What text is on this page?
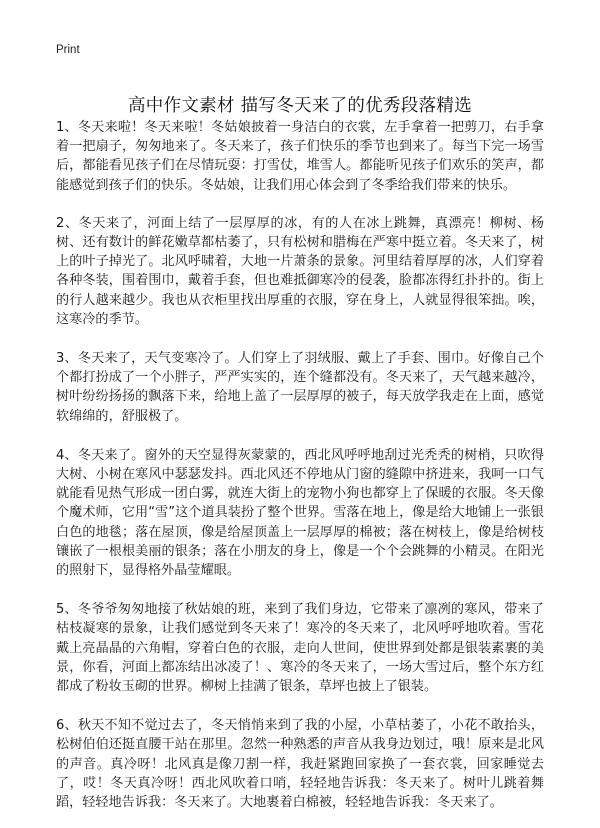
Print
高中作文素材 描写冬天来了的优秀段落精选

1、冬天来啦！冬天来啦！冬姑娘披着一身洁白的衣裳，左手拿着一把剪刀，右手拿着一把扇子，匆匆地来了。冬天来了，孩子们快乐的季节也到来了。每当下完一场雪后，都能看见孩子们在尽情玩耍：打雪仗，堆雪人。都能听见孩子们欢乐的笑声，都能感觉到孩子们的快乐。冬姑娘，让我们用心体会到了冬季给我们带来的快乐。

2、冬天来了，河面上结了一层厚厚的冰，有的人在冰上跳舞，真漂亮！柳树、杨树、还有数计的鲜花嫩草都枯萎了，只有松树和腊梅在严寒中挺立着。冬天来了，树上的叶子掉光了。北风呼啸着，大地一片萧条的景象。河里结着厚厚的冰，人们穿着各种冬装，围着围巾，戴着手套，但也难抵御寒冷的侵袭，脸都冻得红扑扑的。街上的行人越来越少。我也从衣柜里找出厚重的衣服，穿在身上，人就显得很笨拙。唉，这寒冷的季节。

3、冬天来了，天气变寒冷了。人们穿上了羽绒服、戴上了手套、围巾。好像自己个个都打扮成了一个小胖子，严严实实的，连个缝都没有。冬天来了，天气越来越冷，树叶纷纷扬扬的飘落下来，给地上盖了一层厚厚的被子，每天放学我走在上面，感觉软绵绵的，舒服极了。

4、冬天来了。窗外的天空显得灰蒙蒙的，西北风呼呼地刮过光秃秃的树梢，只吹得大树、小树在寒风中瑟瑟发抖。西北风还不停地从门窗的缝隙中挤进来，我呵一口气就能看见热气形成一团白雾，就连大街上的宠物小狗也都穿上了保暖的衣服。冬天像个魔术师，它用“雪”这个道具装扮了整个世界。雪落在地上，像是给大地铺上一张银白色的地毯；落在屋顶，像是给屋顶盖上一层厚厚的棉被；落在树枝上，像是给树枝镶嵌了一根根美丽的银条；落在小朋友的身上，像是一个个会跳舞的小精灵。在阳光的照射下，显得格外晶莹耀眼。

5、冬爷爷匆匆地接了秋姑娘的班，来到了我们身边，它带来了凛冽的寒风，带来了枯枝凝寒的景象，让我们感觉到冬天来了！寒冷的冬天来了，北风呼呼地吹着。雪花戴上亮晶晶的六角帽，穿着白色的衣服，走向人世间，使世界到处都是银装素裹的美景，你看，河面上都冻结出冰凌了！、寒冷的冬天来了，一场大雪过后，整个东方红都成了粉妆玉砌的世界。柳树上挂满了银条，草坪也披上了银装。

6、秋天不知不觉过去了，冬天悄悄来到了我的小屋，小草枯萎了，小花不敢抬头，松树伯伯还挺直腰干站在那里。忽然一种熟悉的声音从我身边划过，哦！原来是北风的声音。真冷呀！北风真是像刀割一样，我赶紧跑回家换了一套衣裳，回家睡觉去了，哎！冬天真冷呀！西北风吹着口哨，轻轻地告诉我：冬天来了。树叶儿跳着舞蹈，轻轻地告诉我：冬天来了。大地裹着白棉被，轻轻地告诉我：冬天来了。
